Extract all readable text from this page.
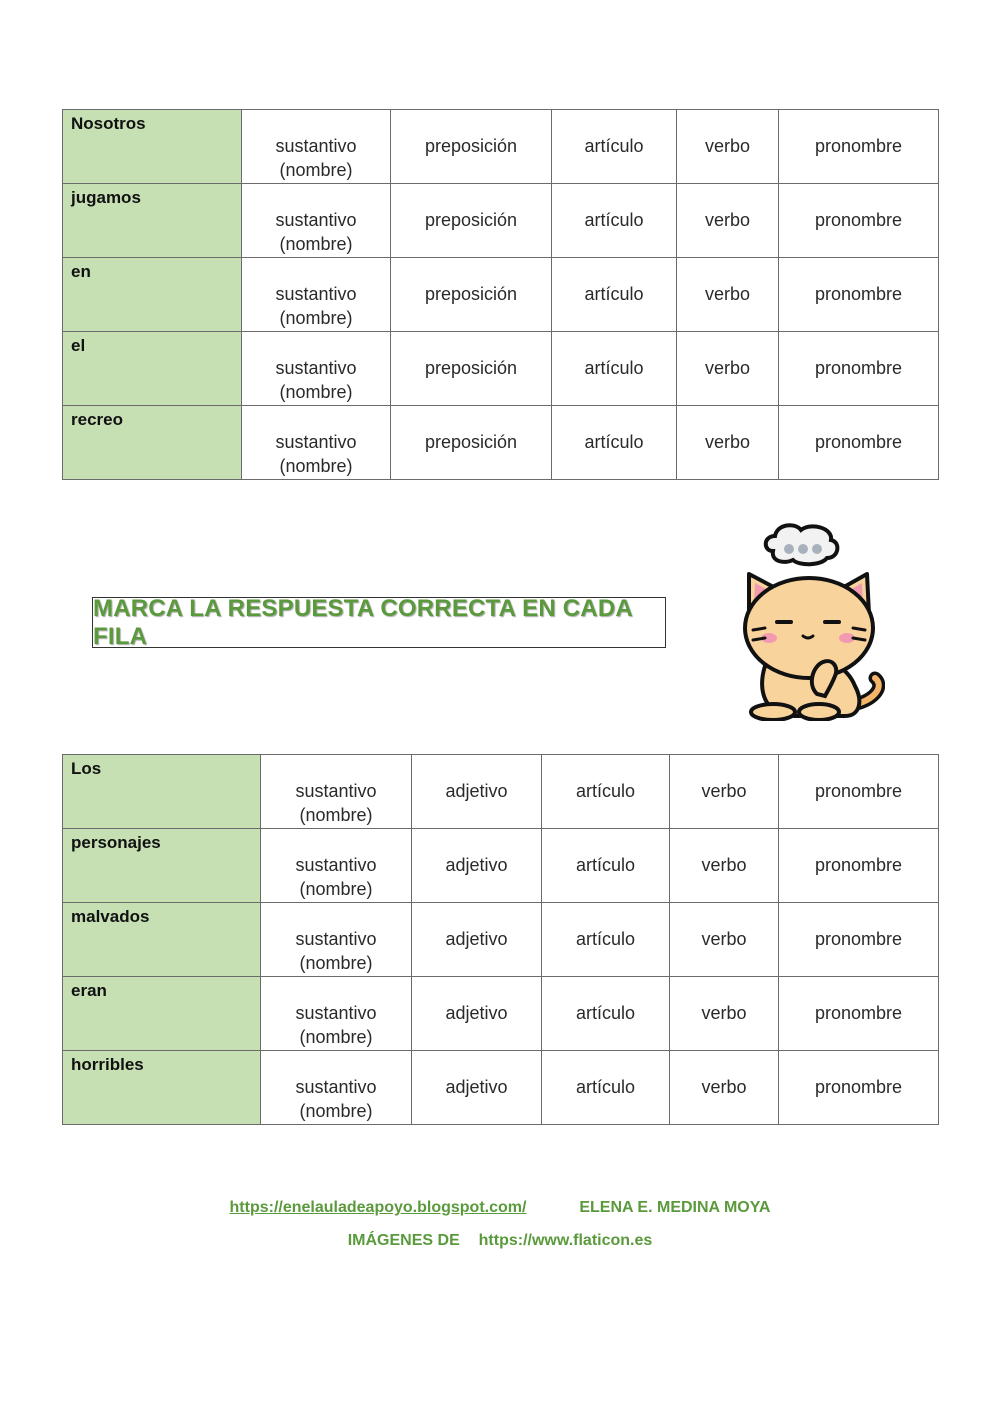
Nosotros	sustantivo (nombre)	preposición	artículo	verbo	pronombre

jugamos	sustantivo (nombre)	preposición	artículo	verbo	pronombre

en	sustantivo (nombre)	preposición	artículo	verbo	pronombre

el	sustantivo (nombre)	preposición	artículo	verbo	pronombre

recreo	sustantivo (nombre)	preposición	artículo	verbo	pronombre
MARCA LA RESPUESTA CORRECTA EN CADA FILA
Los	sustantivo (nombre)	adjetivo	artículo	verbo	pronombre

personajes	sustantivo (nombre)	adjetivo	artículo	verbo	pronombre

malvados	sustantivo (nombre)	adjetivo	artículo	verbo	pronombre

eran	sustantivo (nombre)	adjetivo	artículo	verbo	pronombre

horribles	sustantivo (nombre)	adjetivo	artículo	verbo	pronombre
https://enelauladeapoyo.blogspot.com/	ELENA E. MEDINA MOYA
IMÁGENES DE https://www.flaticon.es
